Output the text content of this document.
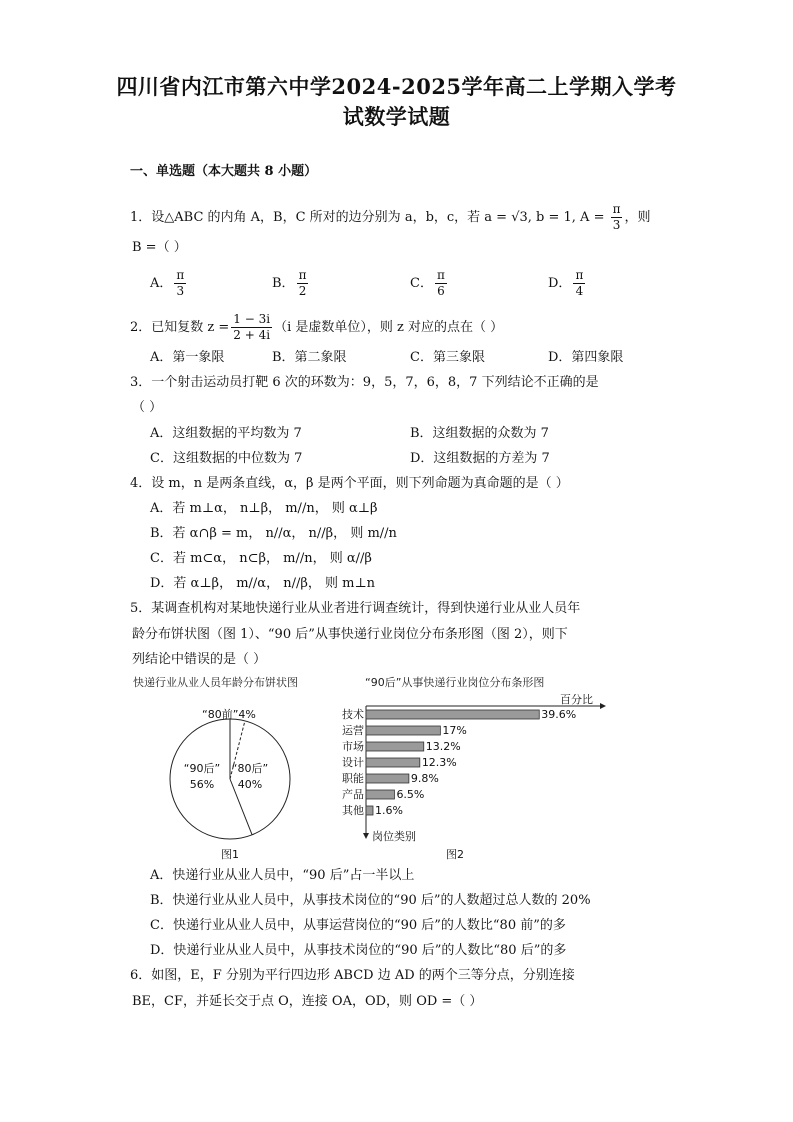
四川省内江市第六中学2024-2025学年高二上学期入学考
试数学试题
一、单选题（本大题共 8 小题）
1．设△ABC 的内角 A，B，C 所对的边分别为 a，b，c，若 a = √3, b = 1, $A = \frac{\pi}{3}$ ，则
B =（ ）
A． $\frac{\pi}{3}$	B． $\frac{\pi}{2}$	C． $\frac{\pi}{6}$	D． $\frac{\pi}{4}$
2．已知复数 $z = \frac{1 - 3i}{2 + 4i} (i$ 是虚数单位），则 z 对应的点在（ ）
A．第一象限	B．第二象限	C．第三象限	D．第四象限
3．一个射击运动员打靶 6 次的环数为：9，5，7，6，8，7 下列结论不正确的是
（ ）
A．这组数据的平均数为 7	B．这组数据的众数为 7
C．这组数据的中位数为 7	D．这组数据的方差为 7
4．设 m，n 是两条直线，α，β 是两个平面，则下列命题为真命题的是（ ）
A．若 m⊥α， n⊥β， m//n， 则 α⊥β
B．若 α∩β = m， n//α， n//β， 则 m//n
C．若 m⊂α， n⊂β， m//n， 则 α//β
D．若 α⊥β， m//α， n//β， 则 m⊥n
5．某调查机构对某地快递行业从业者进行调查统计，得到快递行业从业人员年
龄分布饼状图（图 1）、“90 后”从事快递行业岗位分布条形图（图 2），则下
列结论中错误的是（ ）
快递行业从业人员年龄分布饼状图	“90后”从事快递行业岗位分布条形图
“80前”4%
“80后”
40%
“90后”
56%
图1
百分比
岗位类别
技术	39.6%
运营	17%
市场	13.2%
设计	12.3%
职能	9.8%
产品	6.5%
其他 1.6%
图2
A．快递行业从业人员中，“90 后”占一半以上
B．快递行业从业人员中，从事技术岗位的“90 后”的人数超过总人数的 20%
C．快递行业从业人员中，从事运营岗位的“90 后”的人数比“80 前”的多
D．快递行业从业人员中，从事技术岗位的“90 后”的人数比“80 后”的多
6．如图，E，F 分别为平行四边形 ABCD 边 AD 的两个三等分点，分别连接
BE，CF，并延长交于点 O，连接 OA，OD，则 OD =（ ）
